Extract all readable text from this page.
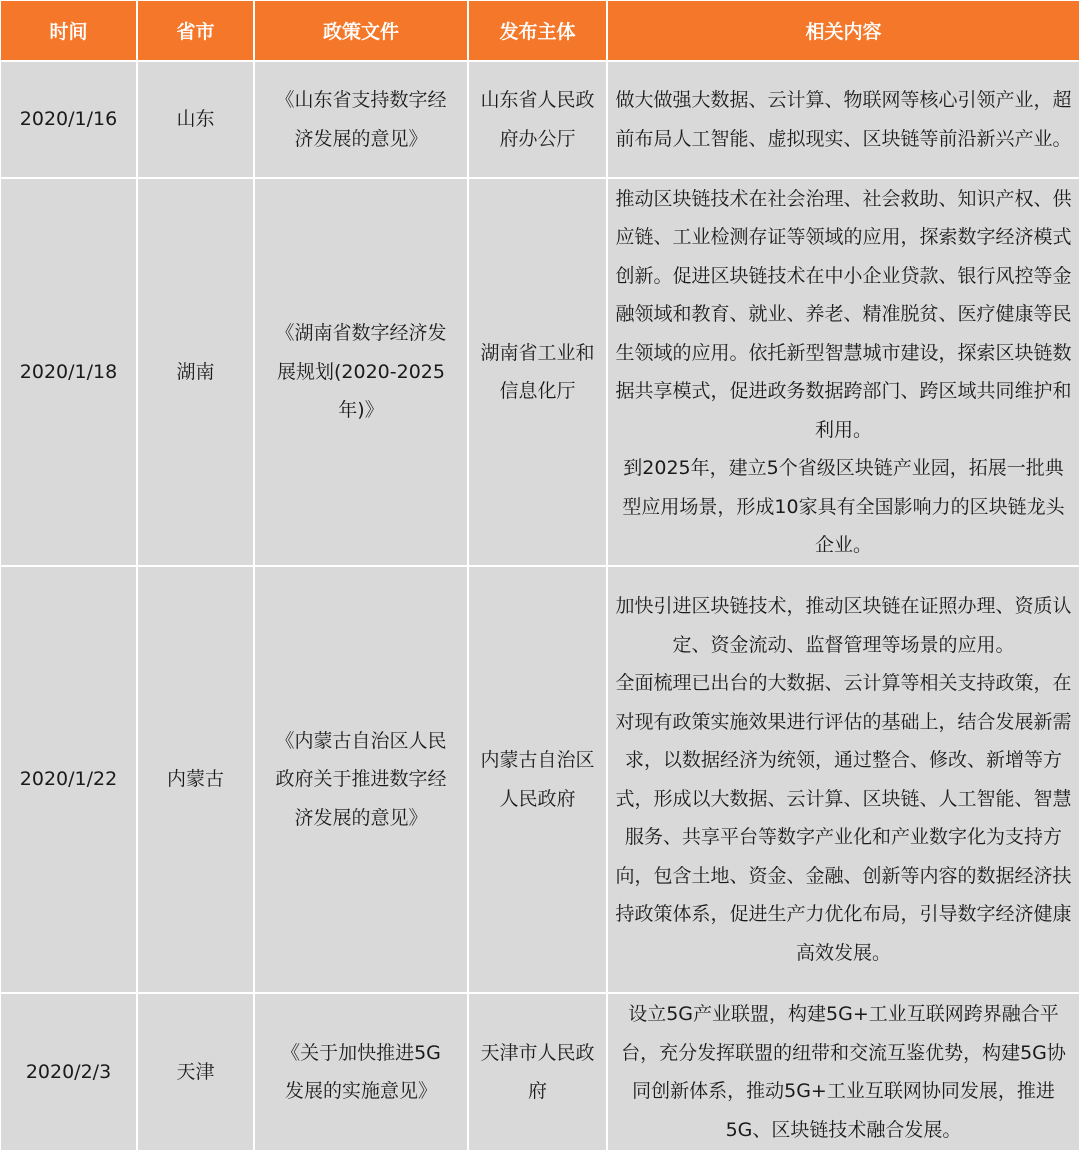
时间	省市	政策文件	发布主体	相关内容
2020/1/16	山东	《山东省支持数字经济发展的意见》	山东省人民政府办公厅	做大做强大数据、云计算、物联网等核心引领产业，超前布局人工智能、虚拟现实、区块链等前沿新兴产业。

2020/1/18	湖南	《湖南省数字经济发展规划(2020-2025年)》	湖南省工业和信息化厅	推动区块链技术在社会治理、社会救助、知识产权、供应链、工业检测存证等领域的应用，探索数字经济模式创新。促进区块链技术在中小企业贷款、银行风控等金融领域和教育、就业、养老、精准脱贫、医疗健康等民生领域的应用。依托新型智慧城市建设，探索区块链数据共享模式，促进政务数据跨部门、跨区域共同维护和利用。

到2025年，建立5个省级区块链产业园，拓展一批典型应用场景，形成10家具有全国影响力的区块链龙头企业。

2020/1/22	内蒙古	《内蒙古自治区人民政府关于推进数字经济发展的意见》	内蒙古自治区人民政府	加快引进区块链技术，推动区块链在证照办理、资质认定、资金流动、监督管理等场景的应用。

全面梳理已出台的大数据、云计算等相关支持政策，在对现有政策实施效果进行评估的基础上，结合发展新需求，以数据经济为统领，通过整合、修改、新增等方式，形成以大数据、云计算、区块链、人工智能、智慧服务、共享平台等数字产业化和产业数字化为支持方向，包含土地、资金、金融、创新等内容的数据经济扶持政策体系，促进生产力优化布局，引导数字经济健康高效发展。

2020/2/3	天津	《关于加快推进5G发展的实施意见》	天津市人民政府	设立5G产业联盟，构建5G+工业互联网跨界融合平台，充分发挥联盟的纽带和交流互鉴优势，构建5G协同创新体系，推动5G+工业互联网协同发展，推进5G、区块链技术融合发展。
